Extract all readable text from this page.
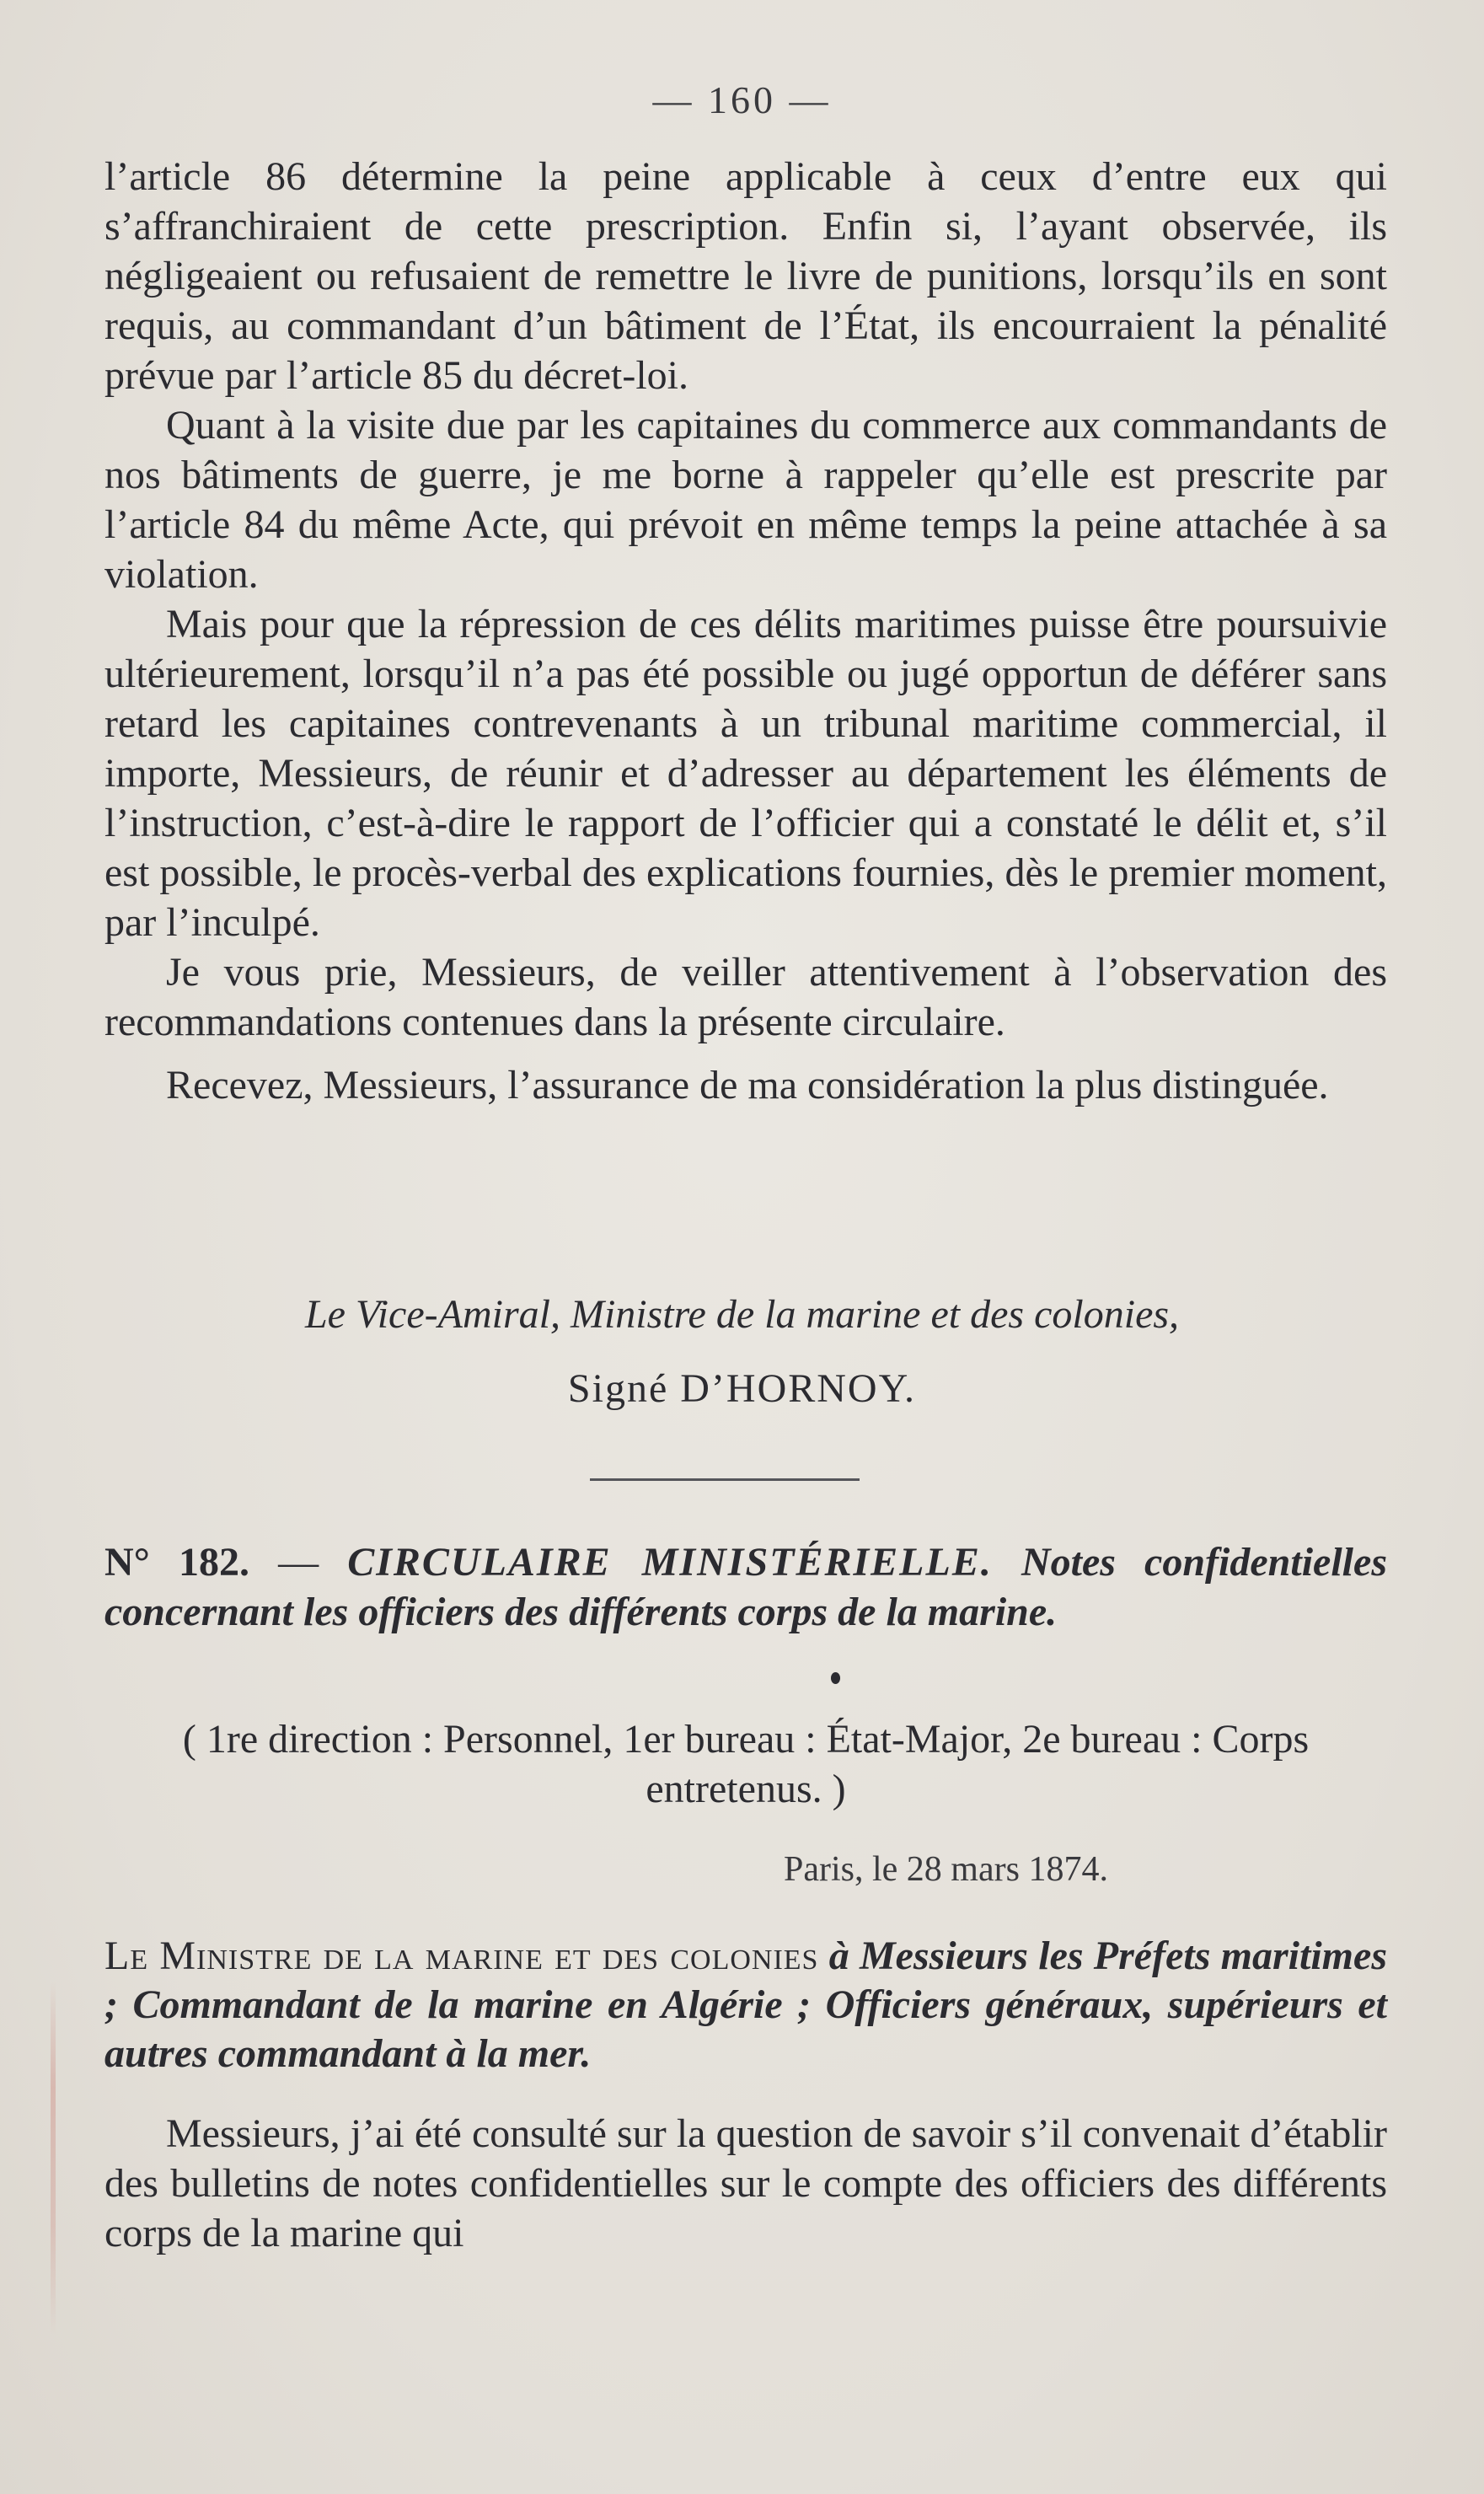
— 160 —

l’article 86 détermine la peine applicable à ceux d’entre eux qui s’affranchiraient de cette prescription. Enfin si, l’ayant observée, ils négligeaient ou refusaient de remettre le livre de punitions, lorsqu’ils en sont requis, au commandant d’un bâtiment de l’État, ils encourraient la pénalité prévue par l’article 85 du décret-loi.

Quant à la visite due par les capitaines du commerce aux commandants de nos bâtiments de guerre, je me borne à rappeler qu’elle est prescrite par l’article 84 du même Acte, qui prévoit en même temps la peine attachée à sa violation.

Mais pour que la répression de ces délits maritimes puisse être poursuivie ultérieurement, lorsqu’il n’a pas été possible ou jugé opportun de déférer sans retard les capitaines contrevenants à un tribunal maritime commercial, il importe, Messieurs, de réunir et d’adresser au département les éléments de l’instruction, c’est-à-dire le rapport de l’officier qui a constaté le délit et, s’il est possible, le procès-verbal des explications fournies, dès le premier moment, par l’inculpé.

Je vous prie, Messieurs, de veiller attentivement à l’observation des recommandations contenues dans la présente circulaire.

Recevez, Messieurs, l’assurance de ma considération la plus distinguée.

Le Vice-Amiral, Ministre de la marine et des colonies,
Signé D’HORNOY.
N° 182. — CIRCULAIRE MINISTÉRIELLE. Notes confidentielles concernant les officiers des différents corps de la marine.
( 1re direction : Personnel, 1er bureau : État-Major, 2e bureau : Corps entretenus. )
Paris, le 28 mars 1874.
Le Ministre de la marine et des colonies à Messieurs les Préfets maritimes ; Commandant de la marine en Algérie ; Officiers généraux, supérieurs et autres commandant à la mer.
Messieurs, j’ai été consulté sur la question de savoir s’il convenait d’établir des bulletins de notes confidentielles sur le compte des officiers des différents corps de la marine qui
